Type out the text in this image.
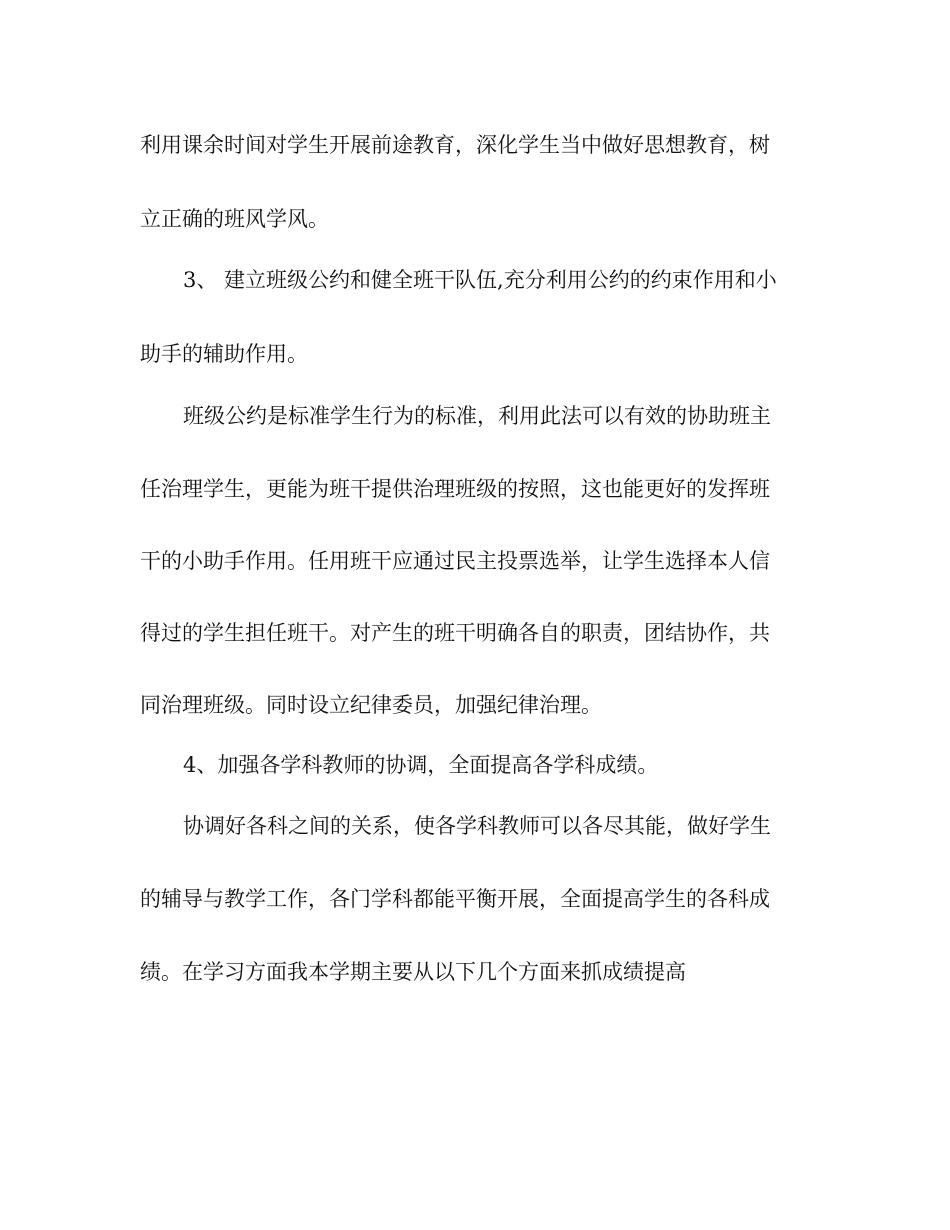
利用课余时间对学生开展前途教育，深化学生当中做好思想教育，树
立正确的班风学风。
3、 建立班级公约和健全班干队伍,充分利用公约的约束作用和小
助手的辅助作用。
班级公约是标准学生行为的标准，利用此法可以有效的协助班主
任治理学生，更能为班干提供治理班级的按照，这也能更好的发挥班
干的小助手作用。任用班干应通过民主投票选举，让学生选择本人信
得过的学生担任班干。对产生的班干明确各自的职责，团结协作，共
同治理班级。同时设立纪律委员，加强纪律治理。
4、加强各学科教师的协调，全面提高各学科成绩。
协调好各科之间的关系，使各学科教师可以各尽其能，做好学生
的辅导与教学工作，各门学科都能平衡开展，全面提高学生的各科成
绩。在学习方面我本学期主要从以下几个方面来抓成绩提高
